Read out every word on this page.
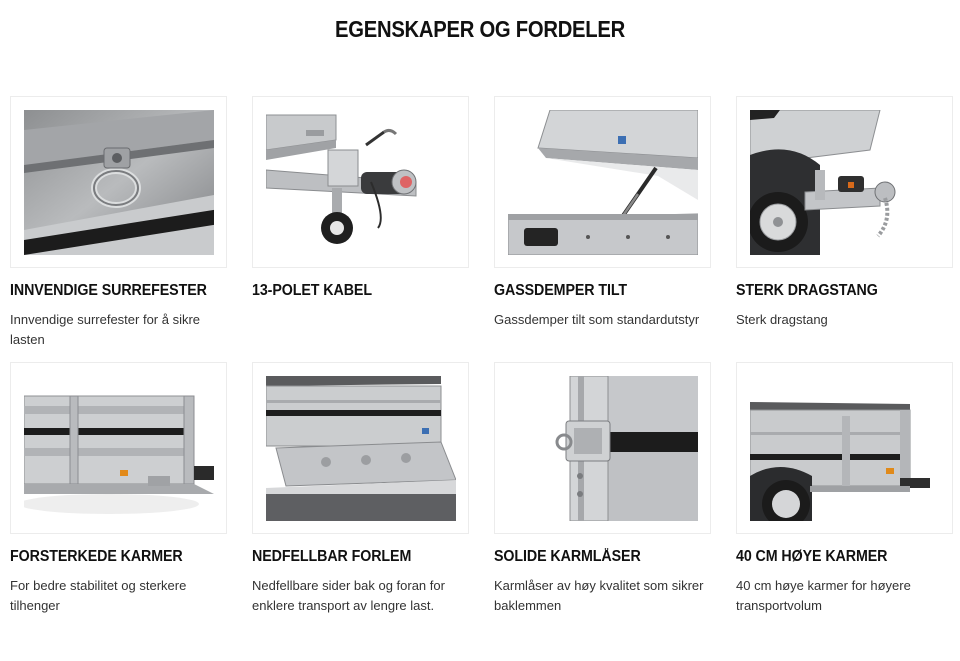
EGENSKAPER OG FORDELER
INNVENDIGE SURREFESTER
Innvendige surrefester for å sikre lasten
13-POLET KABEL	GASSDEMPER TILT
Gassdemper tilt som standardutstyr
STERK DRAGSTANG
Sterk dragstang
FORSTERKEDE KARMER
For bedre stabilitet og sterkere tilhenger
NEDFELLBAR FORLEM
Nedfellbare sider bak og foran for enklere transport av lengre last.
SOLIDE KARMLÅSER
Karmlåser av høy kvalitet som sikrer baklemmen
40 CM HØYE KARMER
40 cm høye karmer for høyere transportvolum
